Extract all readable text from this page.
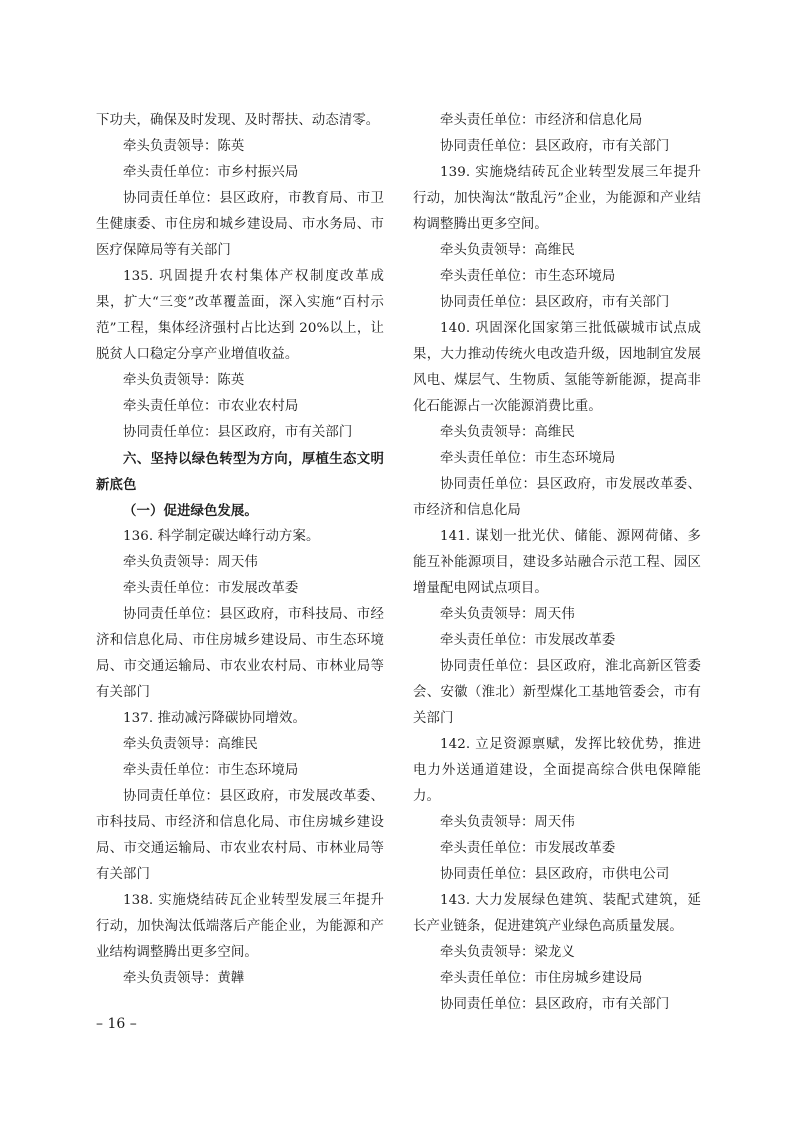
下功夫，确保及时发现、及时帮扶、动态清零。

牵头负责领导：陈英

牵头责任单位：市乡村振兴局

协同责任单位：县区政府，市教育局、市卫生健康委、市住房和城乡建设局、市水务局、市医疗保障局等有关部门

135. 巩固提升农村集体产权制度改革成果，扩大“三变”改革覆盖面，深入实施“百村示范”工程，集体经济强村占比达到 20%以上，让脱贫人口稳定分享产业增值收益。

牵头负责领导：陈英

牵头责任单位：市农业农村局

协同责任单位：县区政府，市有关部门

六、坚持以绿色转型为方向，厚植生态文明新底色

（一）促进绿色发展。

136. 科学制定碳达峰行动方案。

牵头负责领导：周天伟

牵头责任单位：市发展改革委

协同责任单位：县区政府，市科技局、市经济和信息化局、市住房城乡建设局、市生态环境局、市交通运输局、市农业农村局、市林业局等有关部门

137. 推动减污降碳协同增效。

牵头负责领导：高维民

牵头责任单位：市生态环境局

协同责任单位：县区政府，市发展改革委、市科技局、市经济和信息化局、市住房城乡建设局、市交通运输局、市农业农村局、市林业局等有关部门

138. 实施烧结砖瓦企业转型发展三年提升行动，加快淘汰低端落后产能企业，为能源和产业结构调整腾出更多空间。

牵头负责领导：黄韡

牵头责任单位：市经济和信息化局

协同责任单位：县区政府，市有关部门

139. 实施烧结砖瓦企业转型发展三年提升行动，加快淘汰“散乱污”企业，为能源和产业结构调整腾出更多空间。

牵头负责领导：高维民

牵头责任单位：市生态环境局

协同责任单位：县区政府，市有关部门

140. 巩固深化国家第三批低碳城市试点成果，大力推动传统火电改造升级，因地制宜发展风电、煤层气、生物质、氢能等新能源，提高非化石能源占一次能源消费比重。

牵头负责领导：高维民

牵头责任单位：市生态环境局

协同责任单位：县区政府，市发展改革委、市经济和信息化局

141. 谋划一批光伏、储能、源网荷储、多能互补能源项目，建设多站融合示范工程、园区增量配电网试点项目。

牵头负责领导：周天伟

牵头责任单位：市发展改革委

协同责任单位：县区政府，淮北高新区管委会、安徽（淮北）新型煤化工基地管委会，市有关部门

142. 立足资源禀赋，发挥比较优势，推进电力外送通道建设，全面提高综合供电保障能力。

牵头负责领导：周天伟

牵头责任单位：市发展改革委

协同责任单位：县区政府，市供电公司

143. 大力发展绿色建筑、装配式建筑，延长产业链条，促进建筑产业绿色高质量发展。

牵头负责领导：梁龙义

牵头责任单位：市住房城乡建设局

协同责任单位：县区政府，市有关部门

– 16 –
